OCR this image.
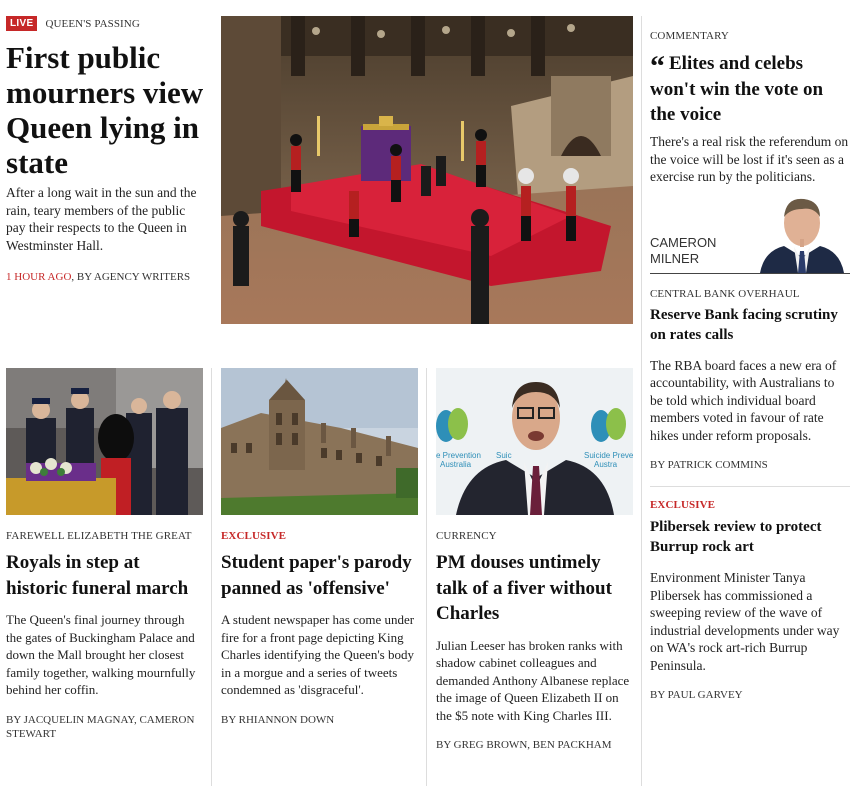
LIVE	QUEEN'S PASSING
First public mourners view Queen lying in state

After a long wait in the sun and the rain, teary members of the public pay their respects to the Queen in Westminster Hall.

1 HOUR AGO, BY AGENCY WRITERS
COMMENTARY
“ Elites and celebs won't win the vote on the voice

There's a real risk the referendum on the voice will be lost if it's seen as a exercise run by the politicians.

CAMERON
MILNER
CENTRAL BANK OVERHAUL
Reserve Bank facing scrutiny on rates calls

The RBA board faces a new era of accountability, with Australians to be told which individual board members voted in favour of rate hikes under reform proposals.

BY PATRICK COMMINS
EXCLUSIVE
Plibersek review to protect Burrup rock art

Environment Minister Tanya Plibersek has commissioned a sweeping review of the wave of industrial developments under way on WA's rock art-rich Burrup Peninsula.

BY PAUL GARVEY
FAREWELL ELIZABETH THE GREAT
Royals in step at historic funeral march

The Queen's final journey through the gates of Buckingham Palace and down the Mall brought her closest family together, walking mournfully behind her coffin.

BY JACQUELIN MAGNAY, CAMERON STEWART
EXCLUSIVE
Student paper's parody panned as 'offensive'

A student newspaper has come under fire for a front page depicting King Charles identifying the Queen's body in a morgue and a series of tweets condemned as 'disgraceful'.

BY RHIANNON DOWN
e Prevention
Australia
Suic	Suicide Preve
Austra
CURRENCY
PM douses untimely talk of a fiver without Charles

Julian Leeser has broken ranks with shadow cabinet colleagues and demanded Anthony Albanese replace the image of Queen Elizabeth II on the $5 note with King Charles III.

BY GREG BROWN, BEN PACKHAM
